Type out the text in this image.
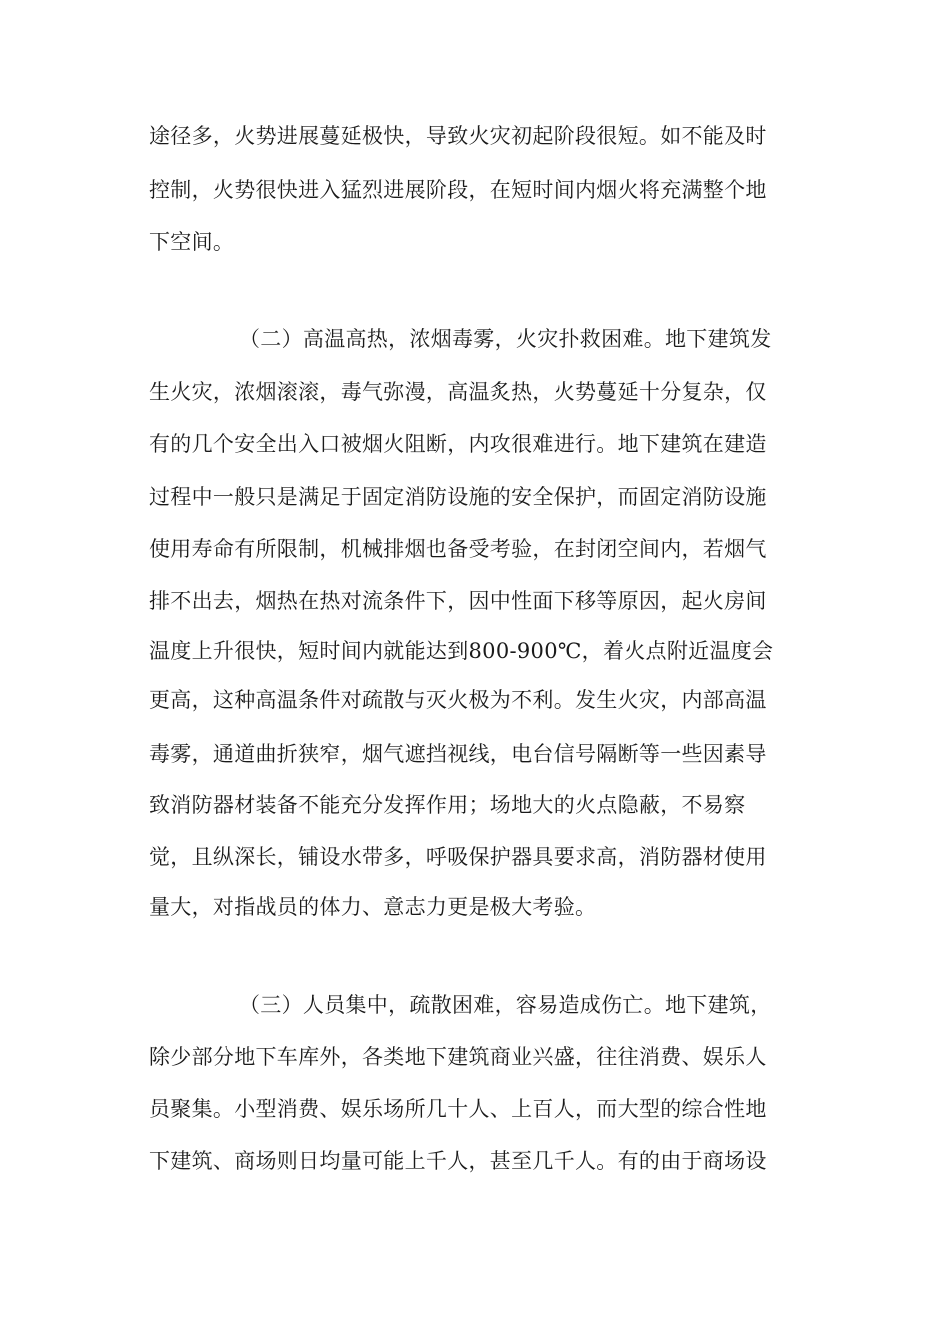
途径多，火势进展蔓延极快，导致火灾初起阶段很短。如不能及时
控制，火势很快进入猛烈进展阶段，在短时间内烟火将充满整个地
下空间。
（二）高温高热，浓烟毒雾，火灾扑救困难。地下建筑发
生火灾，浓烟滚滚，毒气弥漫，高温炙热，火势蔓延十分复杂，仅
有的几个安全出入口被烟火阻断，内攻很难进行。地下建筑在建造
过程中一般只是满足于固定消防设施的安全保护，而固定消防设施
使用寿命有所限制，机械排烟也备受考验，在封闭空间内，若烟气
排不出去，烟热在热对流条件下，因中性面下移等原因，起火房间
温度上升很快，短时间内就能达到800-900℃，着火点附近温度会
更高，这种高温条件对疏散与灭火极为不利。发生火灾，内部高温
毒雾，通道曲折狭窄，烟气遮挡视线，电台信号隔断等一些因素导
致消防器材装备不能充分发挥作用；场地大的火点隐蔽，不易察
觉，且纵深长，铺设水带多，呼吸保护器具要求高，消防器材使用
量大，对指战员的体力、意志力更是极大考验。
（三）人员集中，疏散困难，容易造成伤亡。地下建筑，
除少部分地下车库外，各类地下建筑商业兴盛，往往消费、娱乐人
员聚集。小型消费、娱乐场所几十人、上百人，而大型的综合性地
下建筑、商场则日均量可能上千人，甚至几千人。有的由于商场设
